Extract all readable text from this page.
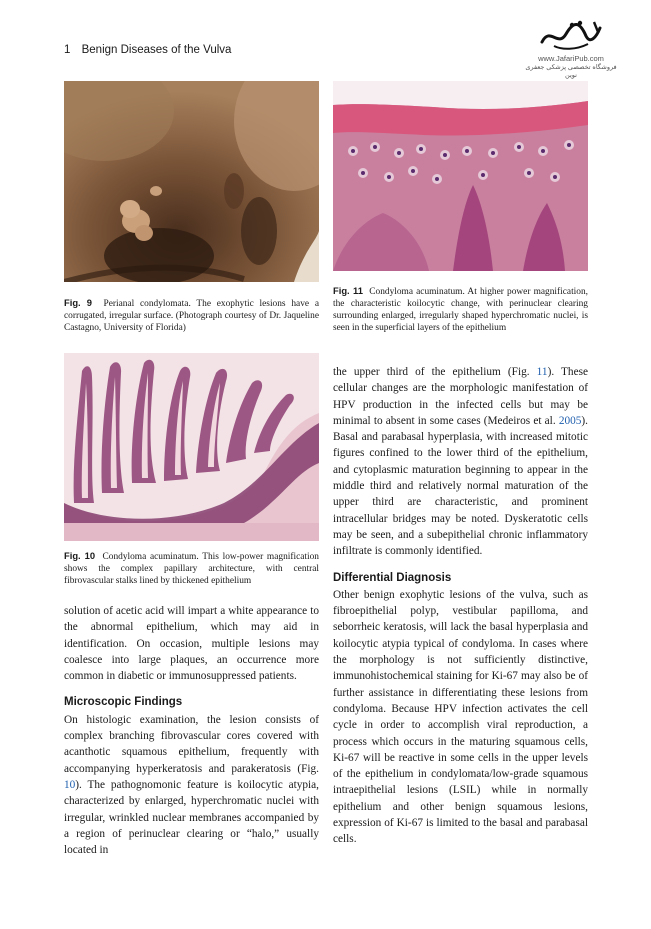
1 Benign Diseases of the Vulva
www.JafariPub.com
فروشگاه تخصصی پزشکی جعفری نوین
Fig. 9 Perianal condylomata. The exophytic lesions have a corrugated, irregular surface. (Photograph courtesy of Dr. Jaqueline Castagno, University of Florida)
Fig. 10 Condyloma acuminatum. This low-power magnification shows the complex papillary architecture, with central fibrovascular stalks lined by thickened epithelium
Fig. 11 Condyloma acuminatum. At higher power magnification, the characteristic koilocytic change, with perinuclear clearing surrounding enlarged, irregularly shaped hyperchromatic nuclei, is seen in the superficial layers of the epithelium

solution of acetic acid will impart a white appearance to the abnormal epithelium, which may aid in identification. On occasion, multiple lesions may coalesce into large plaques, an occurrence more common in diabetic or immunosuppressed patients.

Microscopic Findings

On histologic examination, the lesion consists of complex branching fibrovascular cores covered with acanthotic squamous epithelium, frequently with accompanying hyperkeratosis and parakeratosis (Fig. 10). The pathognomonic feature is koilocytic atypia, characterized by enlarged, hyperchromatic nuclei with irregular, wrinkled nuclear membranes accompanied by a region of perinuclear clearing or “halo,” usually located in

the upper third of the epithelium (Fig. 11). These cellular changes are the morphologic manifestation of HPV production in the infected cells but may be minimal to absent in some cases (Medeiros et al. 2005). Basal and parabasal hyperplasia, with increased mitotic figures confined to the lower third of the epithelium, and cytoplasmic maturation beginning to appear in the middle third and relatively normal maturation of the upper third are characteristic, and prominent intracellular bridges may be noted. Dyskeratotic cells may be seen, and a subepithelial chronic inflammatory infiltrate is commonly identified.

Differential Diagnosis

Other benign exophytic lesions of the vulva, such as fibroepithelial polyp, vestibular papilloma, and seborrheic keratosis, will lack the basal hyperplasia and koilocytic atypia typical of condyloma. In cases where the morphology is not sufficiently distinctive, immunohistochemical staining for Ki-67 may also be of further assistance in differentiating these lesions from condyloma. Because HPV infection activates the cell cycle in order to accomplish viral reproduction, a process which occurs in the maturing squamous cells, Ki-67 will be reactive in some cells in the upper levels of the epithelium in condylomata/low-grade squamous intraepithelial lesions (LSIL) while in normally epithelium and other benign squamous lesions, expression of Ki-67 is limited to the basal and parabasal cells.
